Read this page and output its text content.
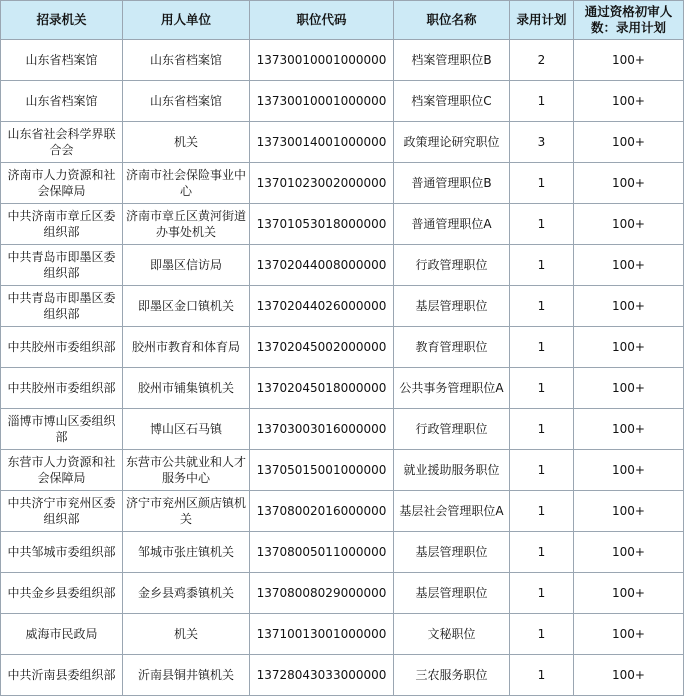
招录机关	用人单位	职位代码	职位名称	录用计划	通过资格初审人数：录用计划
山东省档案馆	山东省档案馆	13730010001000000	档案管理职位B	2	100+
山东省档案馆	山东省档案馆	13730010001000000	档案管理职位C	1	100+
山东省社会科学界联合会	机关	13730014001000000	政策理论研究职位	3	100+
济南市人力资源和社会保障局	济南市社会保险事业中心	13701023002000000	普通管理职位B	1	100+
中共济南市章丘区委组织部	济南市章丘区黄河街道办事处机关	13701053018000000	普通管理职位A	1	100+
中共青岛市即墨区委组织部	即墨区信访局	13702044008000000	行政管理职位	1	100+
中共青岛市即墨区委组织部	即墨区金口镇机关	13702044026000000	基层管理职位	1	100+
中共胶州市委组织部	胶州市教育和体育局	13702045002000000	教育管理职位	1	100+
中共胶州市委组织部	胶州市铺集镇机关	13702045018000000	公共事务管理职位A	1	100+
淄博市博山区委组织部	博山区石马镇	13703003016000000	行政管理职位	1	100+
东营市人力资源和社会保障局	东营市公共就业和人才服务中心	13705015001000000	就业援助服务职位	1	100+
中共济宁市兖州区委组织部	济宁市兖州区颜店镇机关	13708002016000000	基层社会管理职位A	1	100+
中共邹城市委组织部	邹城市张庄镇机关	13708005011000000	基层管理职位	1	100+
中共金乡县委组织部	金乡县鸡黍镇机关	13708008029000000	基层管理职位	1	100+
威海市民政局	机关	13710013001000000	文秘职位	1	100+
中共沂南县委组织部	沂南县铜井镇机关	13728043033000000	三农服务职位	1	100+
